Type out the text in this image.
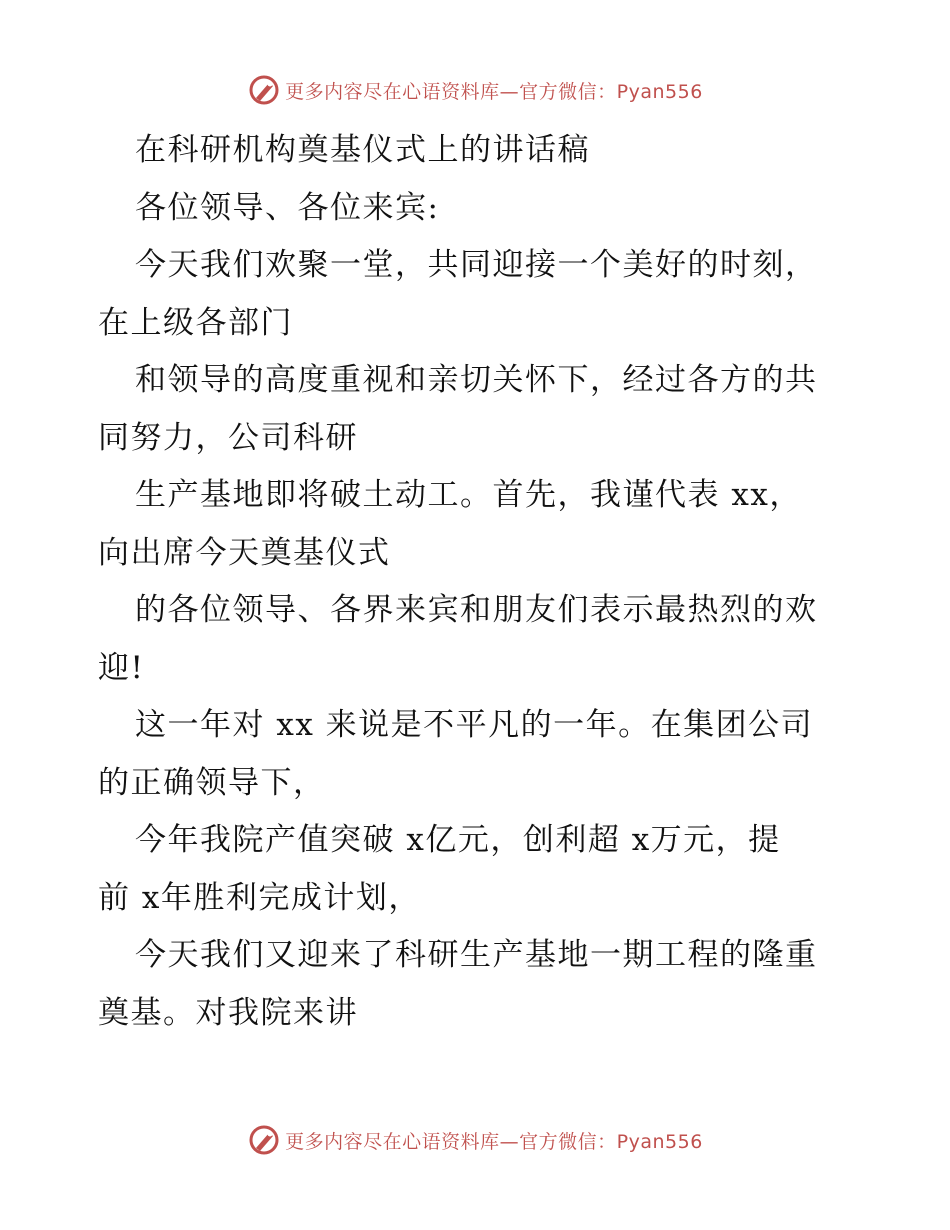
更多内容尽在心语资料库—官方微信：Pyan556
在科研机构奠基仪式上的讲话稿
各位领导、各位来宾:
今天我们欢聚一堂，共同迎接一个美好的时刻，
在上级各部门
和领导的高度重视和亲切关怀下，经过各方的共
同努力，公司科研
生产基地即将破土动工。首先，我谨代表 xx，
向出席今天奠基仪式
的各位领导、各界来宾和朋友们表示最热烈的欢
迎!
这一年对 xx 来说是不平凡的一年。在集团公司
的正确领导下，
今年我院产值突破 x亿元，创利超 x万元，提
前 x年胜利完成计划，
今天我们又迎来了科研生产基地一期工程的隆重
奠基。对我院来讲
更多内容尽在心语资料库—官方微信：Pyan556
